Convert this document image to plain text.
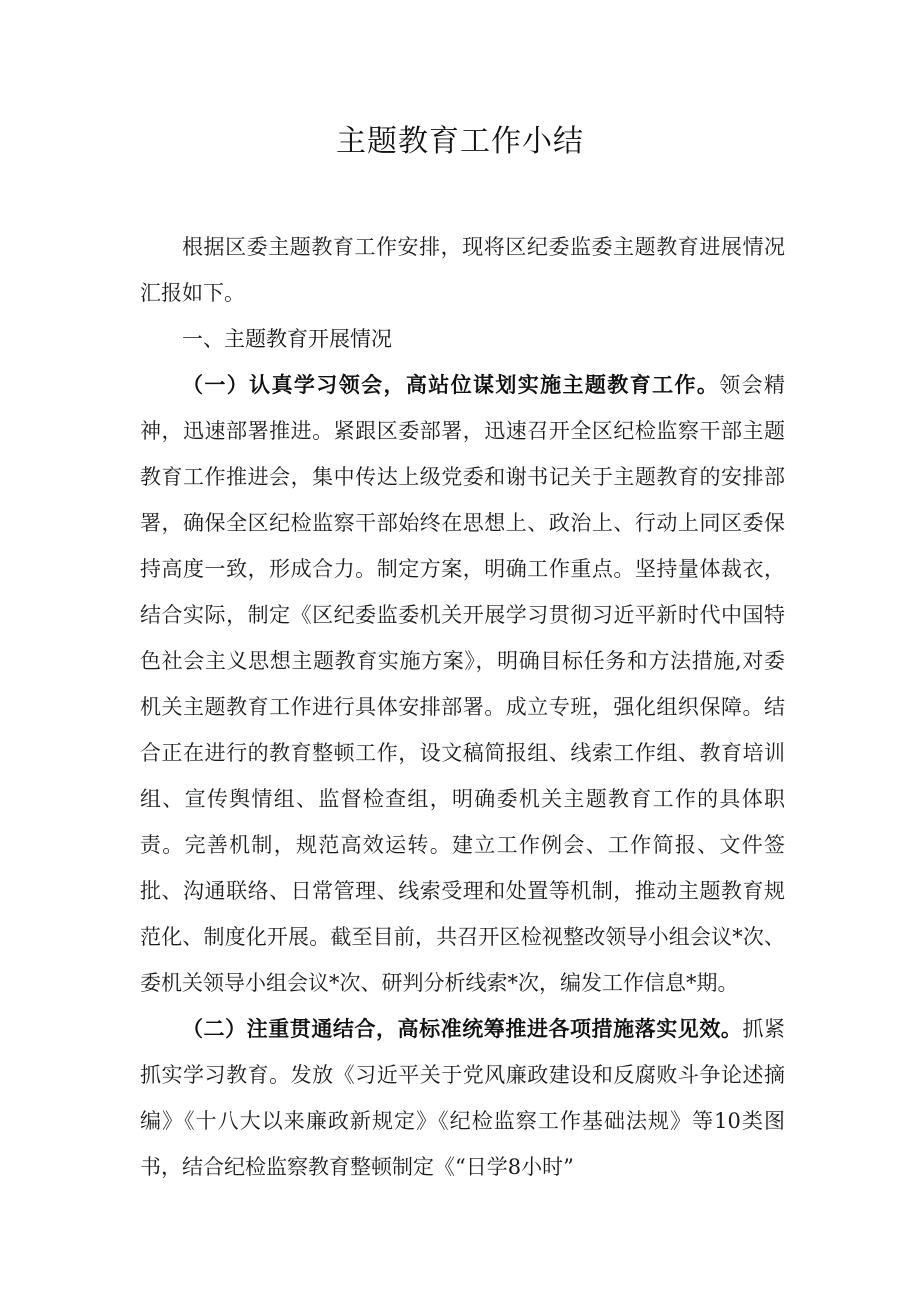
主题教育工作小结

根据区委主题教育工作安排，现将区纪委监委主题教育进展情况汇报如下。

一、主题教育开展情况

（一）认真学习领会，高站位谋划实施主题教育工作。领会精神，迅速部署推进。紧跟区委部署，迅速召开全区纪检监察干部主题教育工作推进会，集中传达上级党委和谢书记关于主题教育的安排部署，确保全区纪检监察干部始终在思想上、政治上、行动上同区委保持高度一致，形成合力。制定方案，明确工作重点。坚持量体裁衣，结合实际，制定《区纪委监委机关开展学习贯彻习近平新时代中国特色社会主义思想主题教育实施方案》，明确目标任务和方法措施,对委机关主题教育工作进行具体安排部署。成立专班，强化组织保障。结合正在进行的教育整顿工作，设文稿简报组、线索工作组、教育培训组、宣传舆情组、监督检查组，明确委机关主题教育工作的具体职责。完善机制，规范高效运转。建立工作例会、工作简报、文件签批、沟通联络、日常管理、线索受理和处置等机制，推动主题教育规范化、制度化开展。截至目前，共召开区检视整改领导小组会议*次、委机关领导小组会议*次、研判分析线索*次，编发工作信息*期。

（二）注重贯通结合，高标准统筹推进各项措施落实见效。抓紧抓实学习教育。发放《习近平关于党风廉政建设和反腐败斗争论述摘编》《十八大以来廉政新规定》《纪检监察工作基础法规》等10类图书，结合纪检监察教育整顿制定《“日学8小时”
